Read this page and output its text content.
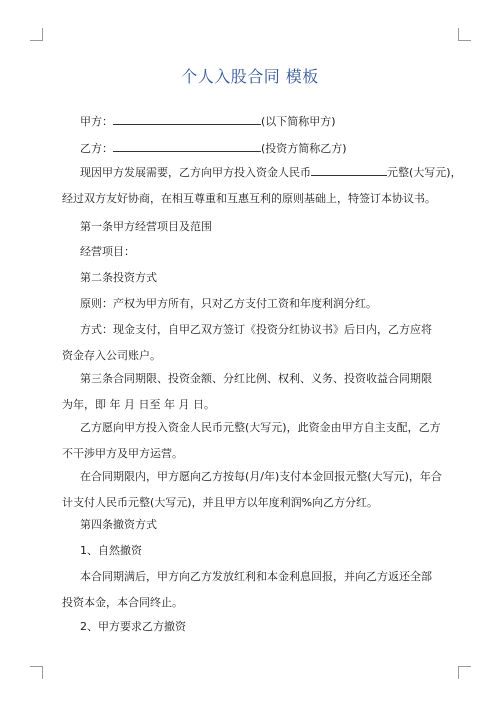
个人入股合同 模板
甲方：	(以下简称甲方)
乙方：	(投资方简称乙方)
现因甲方发展需要，乙方向甲方投入资金人民币	元整(大写元)，
经过双方友好协商，在相互尊重和互惠互利的原则基础上，特签订本协议书。
第一条甲方经营项目及范围
经营项目：
第二条投资方式
原则：产权为甲方所有，只对乙方支付工资和年度利润分红。
方式：现金支付，自甲乙双方签订《投资分红协议书》后日内，乙方应将资金存入公司账户。
第三条合同期限、投资金额、分红比例、权利、义务、投资收益合同期限为年，即 年 月 日至 年 月 日。
乙方愿向甲方投入资金人民币元整(大写元)，此资金由甲方自主支配，乙方不干涉甲方及甲方运营。
在合同期限内，甲方愿向乙方按每(月/年)支付本金回报元整(大写元)，年合计支付人民币元整(大写元)，并且甲方以年度利润%向乙方分红。
第四条撤资方式
1、自然撤资
本合同期满后，甲方向乙方发放红利和本金利息回报，并向乙方返还全部投资本金，本合同终止。
2、甲方要求乙方撤资
